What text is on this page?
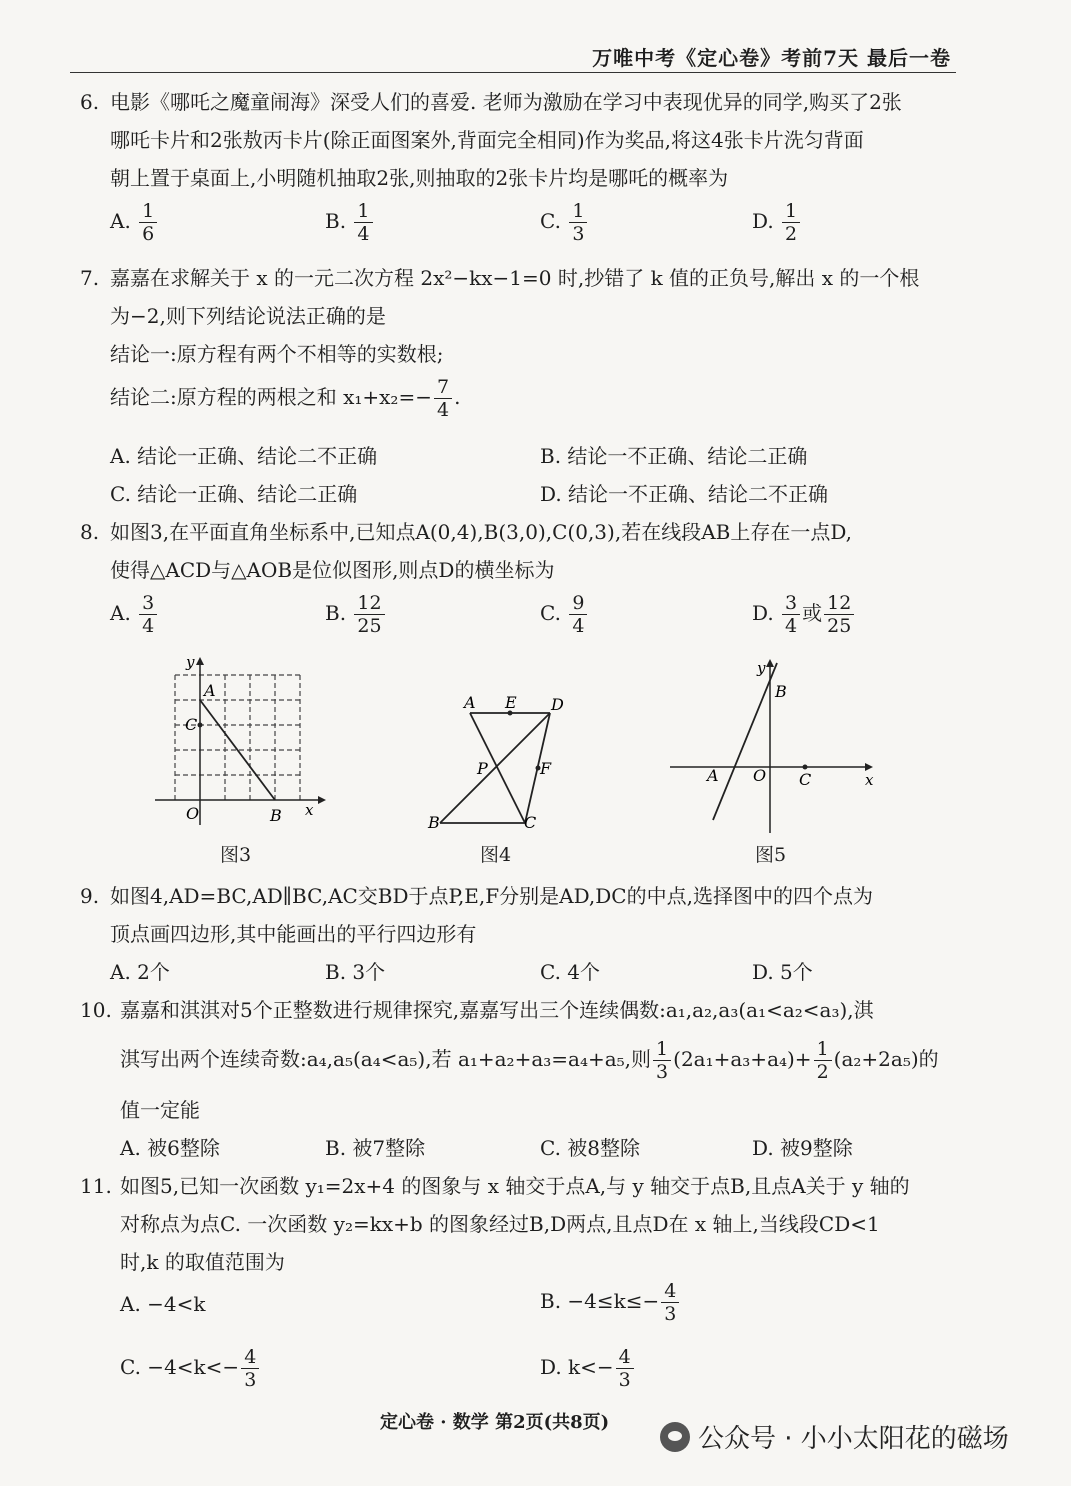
万唯中考《定心卷》考前7天 最后一卷
6. 电影《哪吒之魔童闹海》深受人们的喜爱. 老师为激励在学习中表现优异的同学,购买了2张
哪吒卡片和2张敖丙卡片(除正面图案外,背面完全相同)作为奖品,将这4张卡片洗匀背面
朝上置于桌面上,小明随机抽取2张,则抽取的2张卡片均是哪吒的概率为
A. $\frac{1}{6}$	B. $\frac{1}{4}$	C. $\frac{1}{3}$	D. $\frac{1}{2}$
7. 嘉嘉在求解关于 x 的一元二次方程 2x²−kx−1=0 时,抄错了 k 值的正负号,解出 x 的一个根
为−2,则下列结论说法正确的是
结论一:原方程有两个不相等的实数根;
结论二:原方程的两根之和 $x_1+x_2=- \frac{7}{4}$ .
A. 结论一正确、结论二不正确	B. 结论一不正确、结论二正确
C. 结论一正确、结论二正确	D. 结论一不正确、结论二不正确
8. 如图3,在平面直角坐标系中,已知点A(0,4),B(3,0),C(0,3),若在线段AB上存在一点D,
使得△ACD与△AOB是位似图形,则点D的横坐标为
A. $\frac{3}{4}$	B. $\frac{12}{25}$	C. $\frac{9}{4}$	D. $\frac{3}{4}$ 或 $\frac{12}{25}$
y
x
A
C
O	B
图3
A E D
P	F
B	C
图4
y
B
A O C	x
图5
9. 如图4,AD=BC,AD∥BC,AC交BD于点P,E,F分别是AD,DC的中点,选择图中的四个点为
顶点画四边形,其中能画出的平行四边形有
A. 2个	B. 3个	C. 4个	D. 5个
10. 嘉嘉和淇淇对5个正整数进行规律探究,嘉嘉写出三个连续偶数:a₁,a₂,a₃(a₁<a₂<a₃),淇
淇写出两个连续奇数:a₄,a₅(a₄<a₅),若 a₁+a₂+a₃=a₄+a₅,则 $\frac{1}{3} (2a_1+a_3+a_4)+ \frac{1}{2} (a_2+2a_5)$的
值一定能
A. 被6整除	B. 被7整除	C. 被8整除	D. 被9整除
11. 如图5,已知一次函数 y₁=2x+4 的图象与 x 轴交于点A,与 y 轴交于点B,且点A关于 y 轴的
对称点为点C. 一次函数 y₂=kx+b 的图象经过B,D两点,且点D在 x 轴上,当线段CD<1
时,k 的取值范围为
A. −4<k	B. $-4\le k\le- \frac{4}{3}$
C. $-4<k<- \frac{4}{3}$	D. $k<- \frac{4}{3}$
定心卷 · 数学 第2页(共8页)
公众号 · 小小太阳花的磁场
